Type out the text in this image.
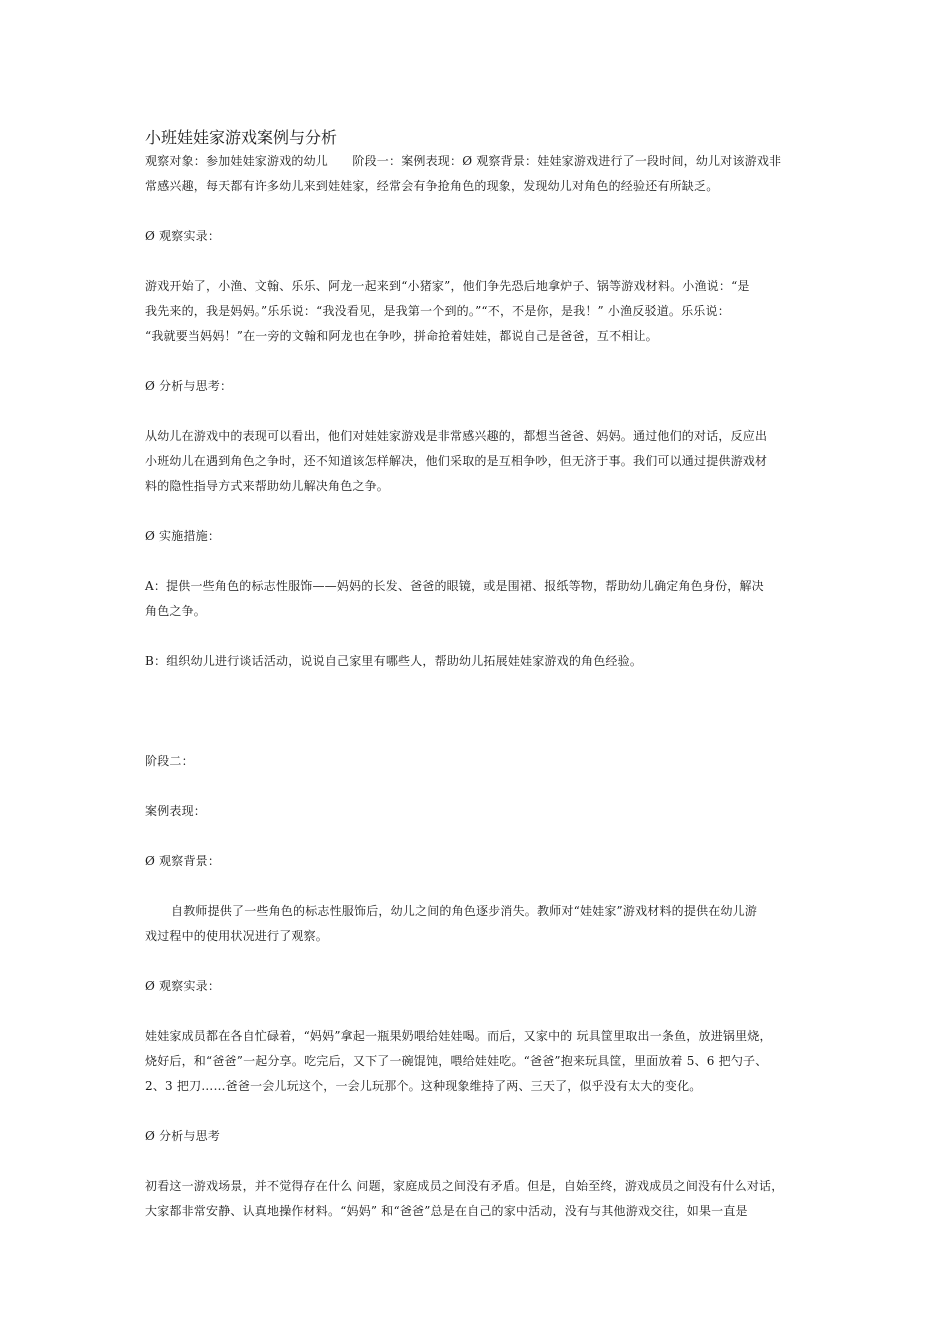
小班娃娃家游戏案例与分析
观察对象：参加娃娃家游戏的幼儿　　阶段一：案例表现：Ø 观察背景：娃娃家游戏进行了一段时间，幼儿对该游戏非
常感兴趣，每天都有许多幼儿来到娃娃家，经常会有争抢角色的现象，发现幼儿对角色的经验还有所缺乏。
Ø 观察实录：
游戏开始了，小渔、文翰、乐乐、阿龙一起来到“小猪家”，他们争先恐后地拿炉子、锅等游戏材料。小渔说：“是
我先来的，我是妈妈。”乐乐说：“我没看见，是我第一个到的。”“不，不是你，是我！” 小渔反驳道。乐乐说：
“我就要当妈妈！”在一旁的文翰和阿龙也在争吵，拼命抢着娃娃，都说自己是爸爸，互不相让。
Ø 分析与思考：
从幼儿在游戏中的表现可以看出，他们对娃娃家游戏是非常感兴趣的，都想当爸爸、妈妈。通过他们的对话，反应出
小班幼儿在遇到角色之争时，还不知道该怎样解决，他们采取的是互相争吵，但无济于事。我们可以通过提供游戏材
料的隐性指导方式来帮助幼儿解决角色之争。
Ø 实施措施：
A：提供一些角色的标志性服饰——妈妈的长发、爸爸的眼镜，或是围裙、报纸等物，帮助幼儿确定角色身份，解决
角色之争。
B：组织幼儿进行谈话活动，说说自己家里有哪些人，帮助幼儿拓展娃娃家游戏的角色经验。
阶段二：
案例表现：
Ø 观察背景：
自教师提供了一些角色的标志性服饰后，幼儿之间的角色逐步消失。教师对“娃娃家”游戏材料的提供在幼儿游
戏过程中的使用状况进行了观察。
Ø 观察实录：
娃娃家成员都在各自忙碌着，“妈妈”拿起一瓶果奶喂给娃娃喝。而后，又家中的 玩具筐里取出一条鱼，放进锅里烧，
烧好后，和“爸爸”一起分享。吃完后，又下了一碗馄饨，喂给娃娃吃。“爸爸”抱来玩具筐，里面放着 5、6 把勺子、
2、3 把刀……爸爸一会儿玩这个，一会儿玩那个。这种现象维持了两、三天了，似乎没有太大的变化。
Ø 分析与思考
初看这一游戏场景，并不觉得存在什么 问题，家庭成员之间没有矛盾。但是，自始至终，游戏成员之间没有什么对话，
大家都非常安静、认真地操作材料。“妈妈” 和“爸爸”总是在自己的家中活动，没有与其他游戏交往，如果一直是
